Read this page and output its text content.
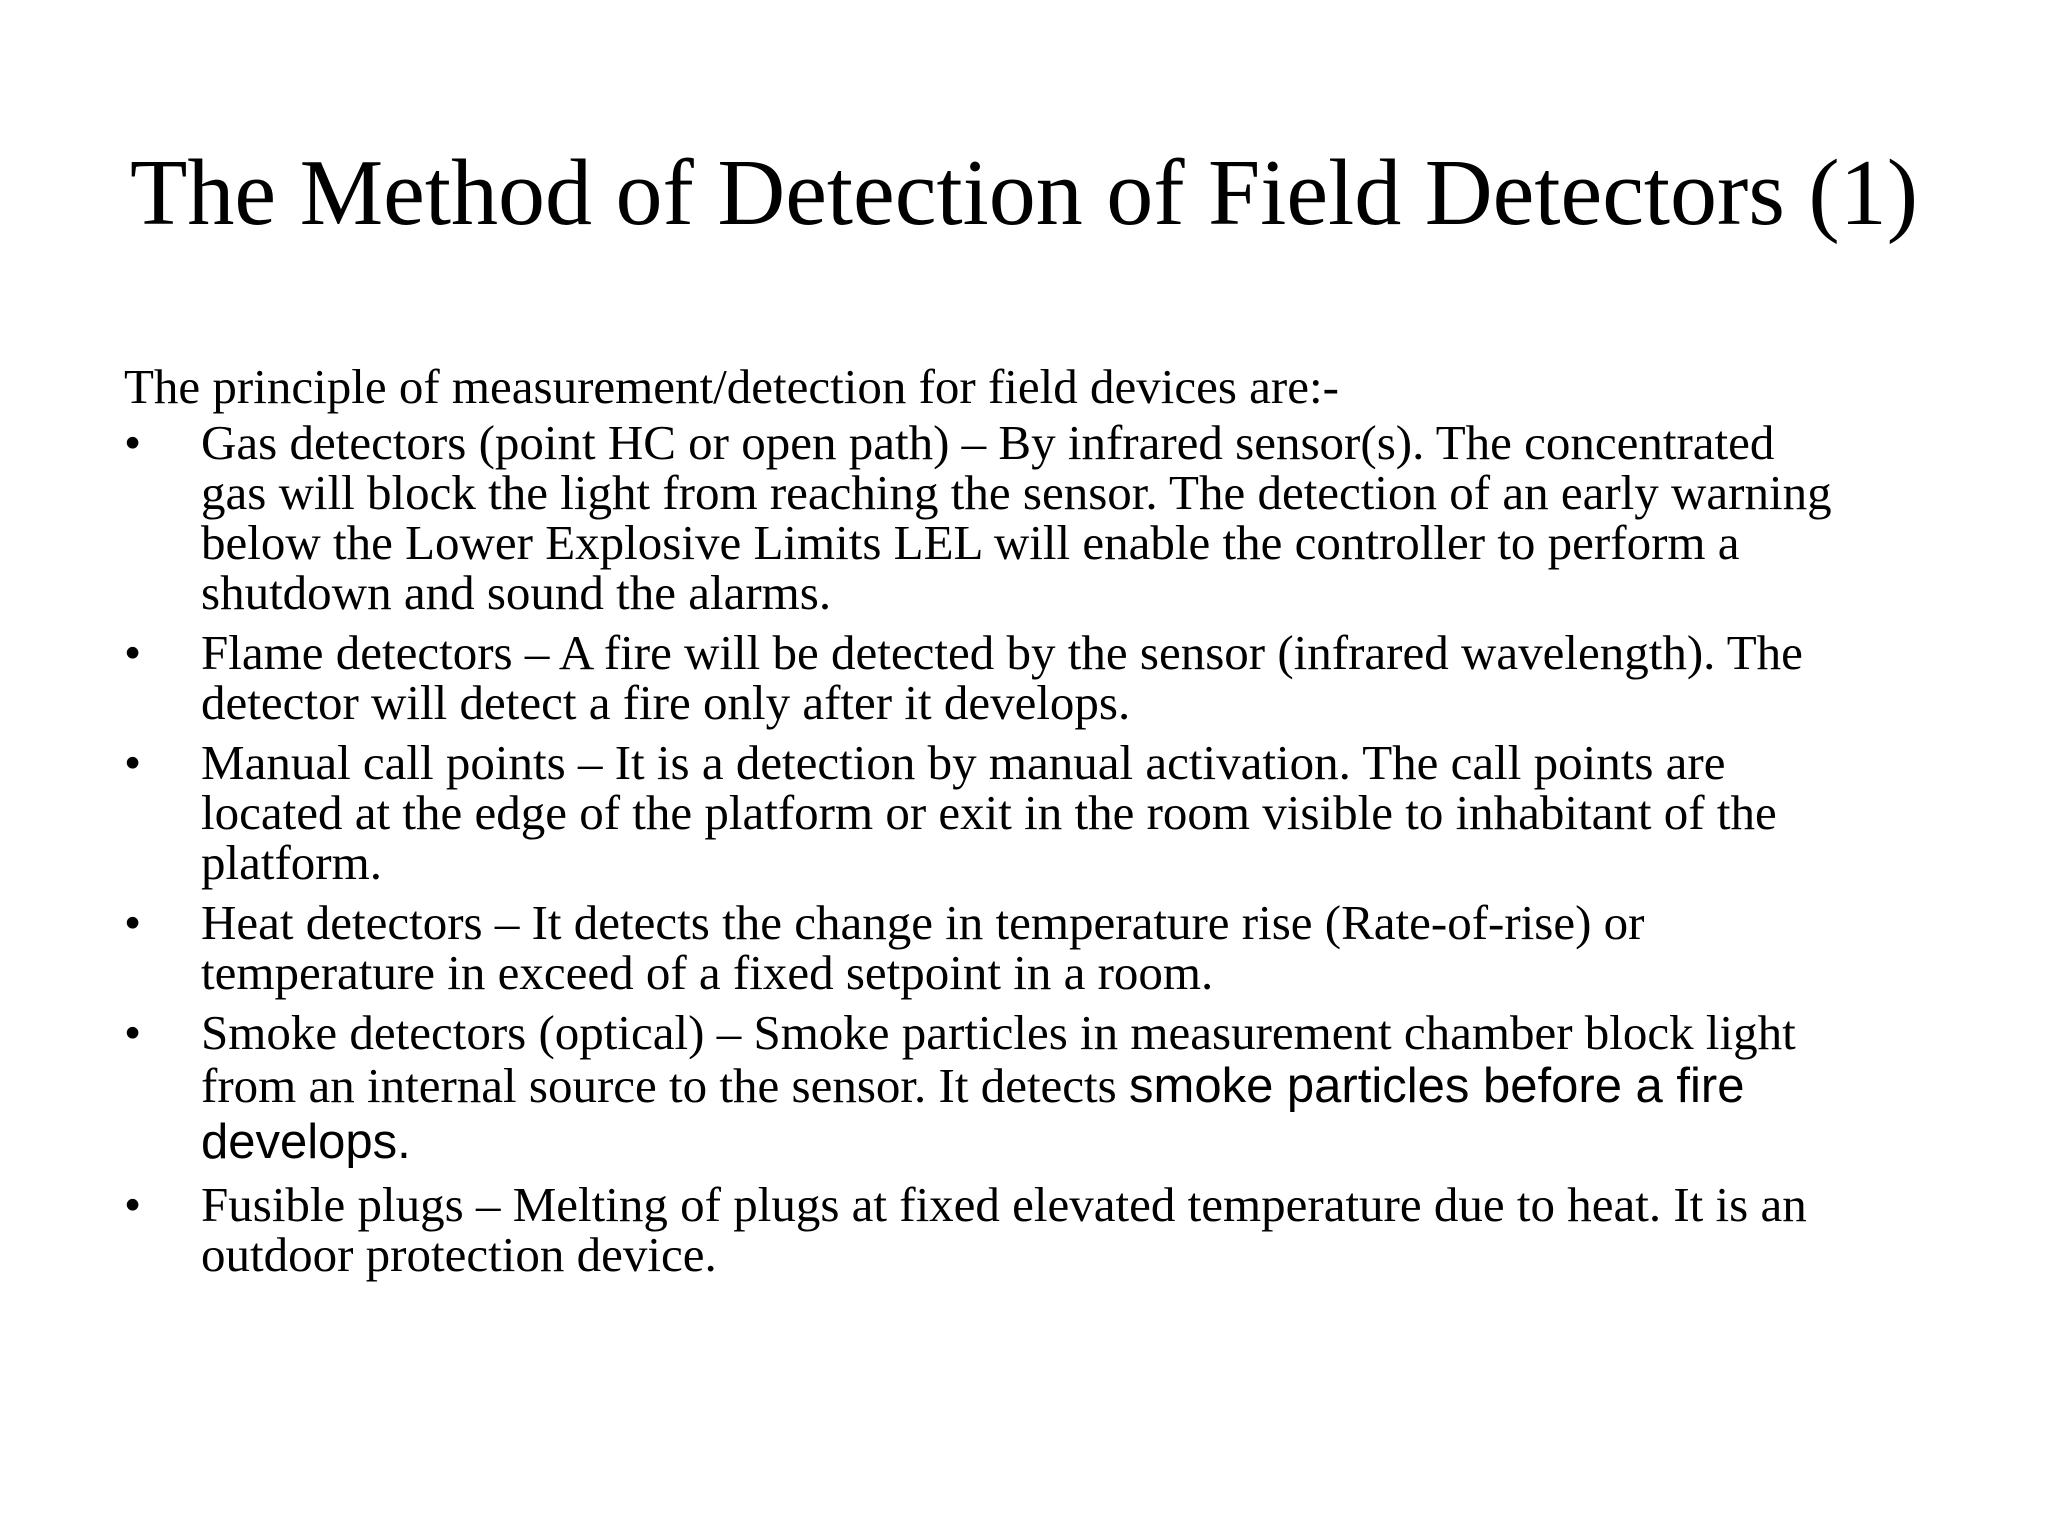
The Method of Detection of Field Detectors (1)
The principle of measurement/detection for field devices are:-
• Gas detectors (point HC or open path) – By infrared sensor(s). The concentrated
gas will block the light from reaching the sensor. The detection of an early warning
below the Lower Explosive Limits LEL will enable the controller to perform a
shutdown and sound the alarms.
• Flame detectors – A fire will be detected by the sensor (infrared wavelength). The
detector will detect a fire only after it develops.
• Manual call points – It is a detection by manual activation. The call points are
located at the edge of the platform or exit in the room visible to inhabitant of the
platform.
• Heat detectors – It detects the change in temperature rise (Rate-of-rise) or
temperature in exceed of a fixed setpoint in a room.
• Smoke detectors (optical) – Smoke particles in measurement chamber block light
from an internal source to the sensor. It detects smoke particles before a fire
develops.
• Fusible plugs – Melting of plugs at fixed elevated temperature due to heat. It is an
outdoor protection device.
